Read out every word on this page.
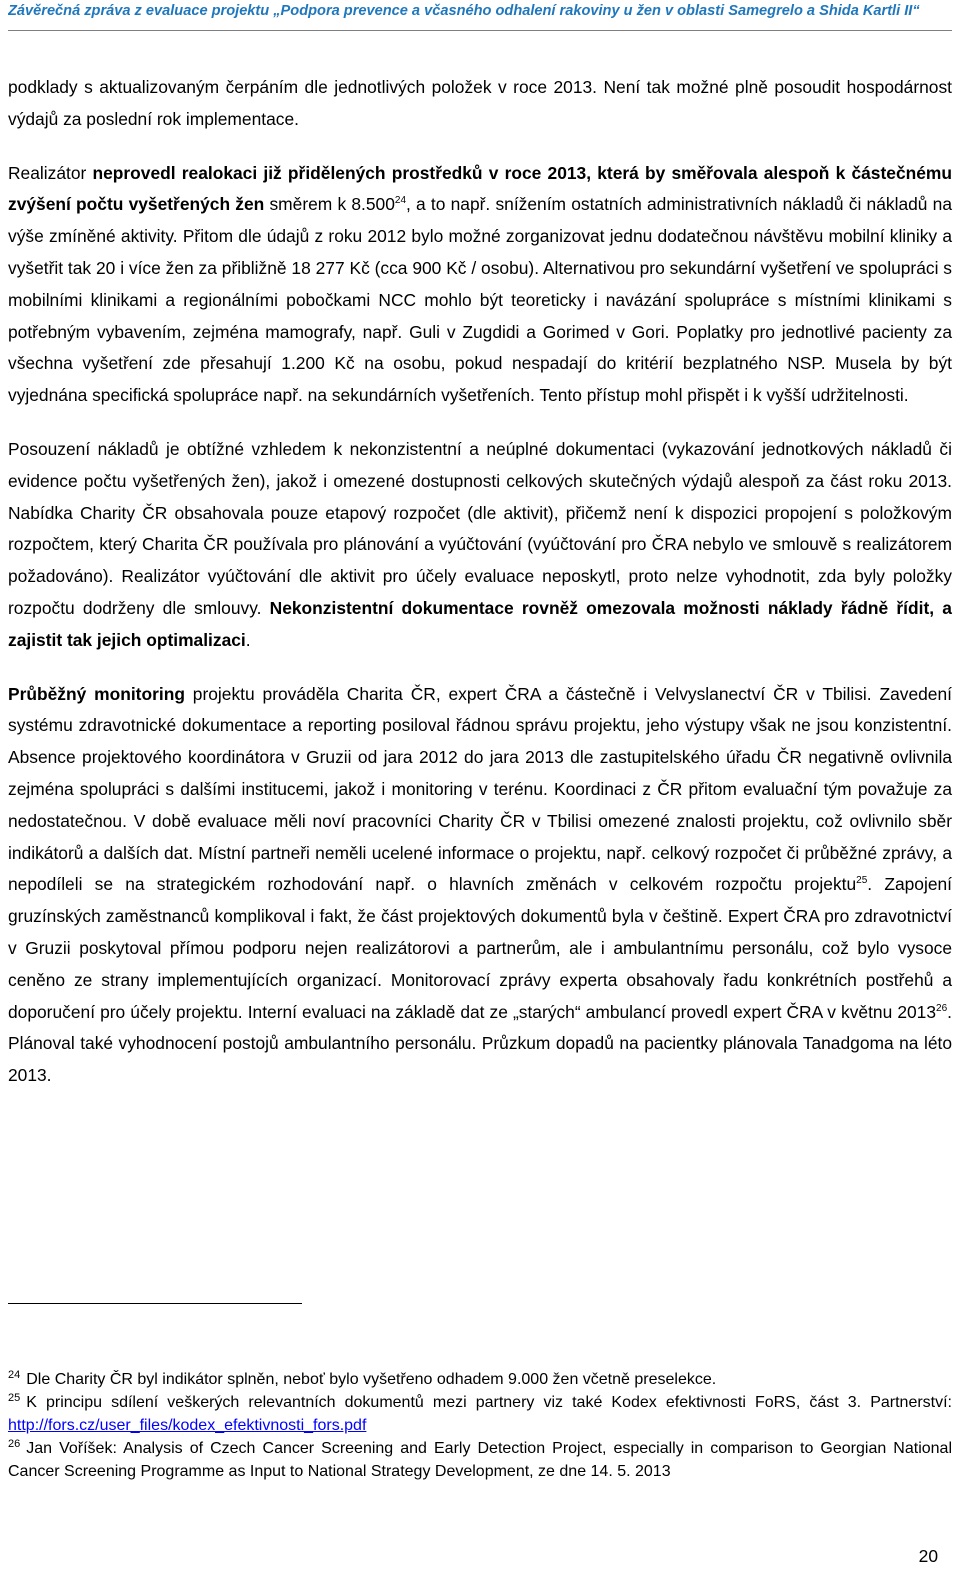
Závěrečná zpráva z evaluace projektu „Podpora prevence a včasného odhalení rakoviny u žen v oblasti Samegrelo a Shida Kartli II“

podklady s aktualizovaným čerpáním dle jednotlivých položek v roce 2013. Není tak možné plně posoudit hospodárnost výdajů za poslední rok implementace.

Realizátor neprovedl realokaci již přidělených prostředků v roce 2013, která by směřovala alespoň k částečnému zvýšení počtu vyšetřených žen směrem k 8.500$^{24}$, a to např. snížením ostatních administrativních nákladů či nákladů na výše zmíněné aktivity. Přitom dle údajů z roku 2012 bylo možné zorganizovat jednu dodatečnou návštěvu mobilní kliniky a vyšetřit tak 20 i více žen za přibližně 18 277 Kč (cca 900 Kč / osobu). Alternativou pro sekundární vyšetření ve spolupráci s mobilními klinikami a regionálními pobočkami NCC mohlo být teoreticky i navázání spolupráce s místními klinikami s potřebným vybavením, zejména mamografy, např. Guli v Zugdidi a Gorimed v Gori. Poplatky pro jednotlivé pacienty za všechna vyšetření zde přesahují 1.200 Kč na osobu, pokud nespadají do kritérií bezplatného NSP. Musela by být vyjednána specifická spolupráce např. na sekundárních vyšetřeních. Tento přístup mohl přispět i k vyšší udržitelnosti.

Posouzení nákladů je obtížné vzhledem k nekonzistentní a neúplné dokumentaci (vykazování jednotkových nákladů či evidence počtu vyšetřených žen), jakož i omezené dostupnosti celkových skutečných výdajů alespoň za část roku 2013. Nabídka Charity ČR obsahovala pouze etapový rozpočet (dle aktivit), přičemž není k dispozici propojení s položkovým rozpočtem, který Charita ČR používala pro plánování a vyúčtování (vyúčtování pro ČRA nebylo ve smlouvě s realizátorem požadováno). Realizátor vyúčtování dle aktivit pro účely evaluace neposkytl, proto nelze vyhodnotit, zda byly položky rozpočtu dodrženy dle smlouvy. Nekonzistentní dokumentace rovněž omezovala možnosti náklady řádně řídit, a zajistit tak jejich optimalizaci.

Průběžný monitoring projektu prováděla Charita ČR, expert ČRA a částečně i Velvyslanectví ČR v Tbilisi. Zavedení systému zdravotnické dokumentace a reporting posiloval řádnou správu projektu, jeho výstupy však ne jsou konzistentní. Absence projektového koordinátora v Gruzii od jara 2012 do jara 2013 dle zastupitelského úřadu ČR negativně ovlivnila zejména spolupráci s dalšími institucemi, jakož i monitoring v terénu. Koordinaci z ČR přitom evaluační tým považuje za nedostatečnou. V době evaluace měli noví pracovníci Charity ČR v Tbilisi omezené znalosti projektu, což ovlivnilo sběr indikátorů a dalších dat. Místní partneři neměli ucelené informace o projektu, např. celkový rozpočet či průběžné zprávy, a nepodíleli se na strategickém rozhodování např. o hlavních změnách v celkovém rozpočtu projektu$^{25}$. Zapojení gruzínských zaměstnanců komplikoval i fakt, že část projektových dokumentů byla v češtině. Expert ČRA pro zdravotnictví v Gruzii poskytoval přímou podporu nejen realizátorovi a partnerům, ale i ambulantnímu personálu, což bylo vysoce ceněno ze strany implementujících organizací. Monitorovací zprávy experta obsahovaly řadu konkrétních postřehů a doporučení pro účely projektu. Interní evaluaci na základě dat ze „starých“ ambulancí provedl expert ČRA v květnu 2013$^{26}$. Plánoval také vyhodnocení postojů ambulantního personálu. Průzkum dopadů na pacientky plánovala Tanadgoma na léto 2013.

$^{24}$ Dle Charity ČR byl indikátor splněn, neboť bylo vyšetřeno odhadem 9.000 žen včetně preselekce.

$^{25}$ K principu sdílení veškerých relevantních dokumentů mezi partnery viz také Kodex efektivnosti FoRS, část 3. Partnerství: http://fors.cz/user_files/kodex_efektivnosti_fors.pdf

$^{26}$ Jan Voříšek: Analysis of Czech Cancer Screening and Early Detection Project, especially in comparison to Georgian National Cancer Screening Programme as Input to National Strategy Development, ze dne 14. 5. 2013

20
